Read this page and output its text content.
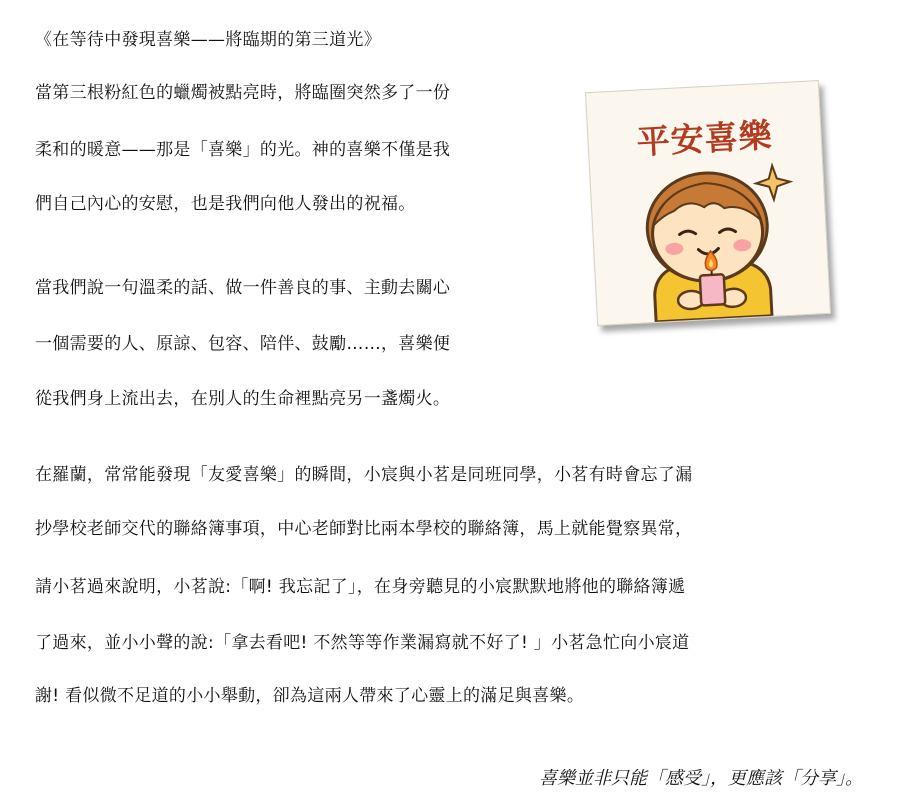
《在等待中發現喜樂——將臨期的第三道光》
當第三根粉紅色的蠟燭被點亮時，將臨圈突然多了一份
柔和的暖意——那是「喜樂」的光。神的喜樂不僅是我
們自己內心的安慰，也是我們向他人發出的祝福。
當我們說一句溫柔的話、做一件善良的事、主動去關心
一個需要的人、原諒、包容、陪伴、鼓勵……，喜樂便
從我們身上流出去，在別人的生命裡點亮另一盞燭火。
在羅蘭，常常能發現「友愛喜樂」的瞬間，小宸與小茗是同班同學，小茗有時會忘了漏
抄學校老師交代的聯絡簿事項，中心老師對比兩本學校的聯絡簿，馬上就能覺察異常，
請小茗過來說明，小茗說:「啊! 我忘記了」，在身旁聽見的小宸默默地將他的聯絡簿遞
了過來，並小小聲的說:「拿去看吧! 不然等等作業漏寫就不好了! 」小茗急忙向小宸道
謝! 看似微不足道的小小舉動，卻為這兩人帶來了心靈上的滿足與喜樂。
喜樂並非只能「感受」，更應該「分享」。
平安喜樂
